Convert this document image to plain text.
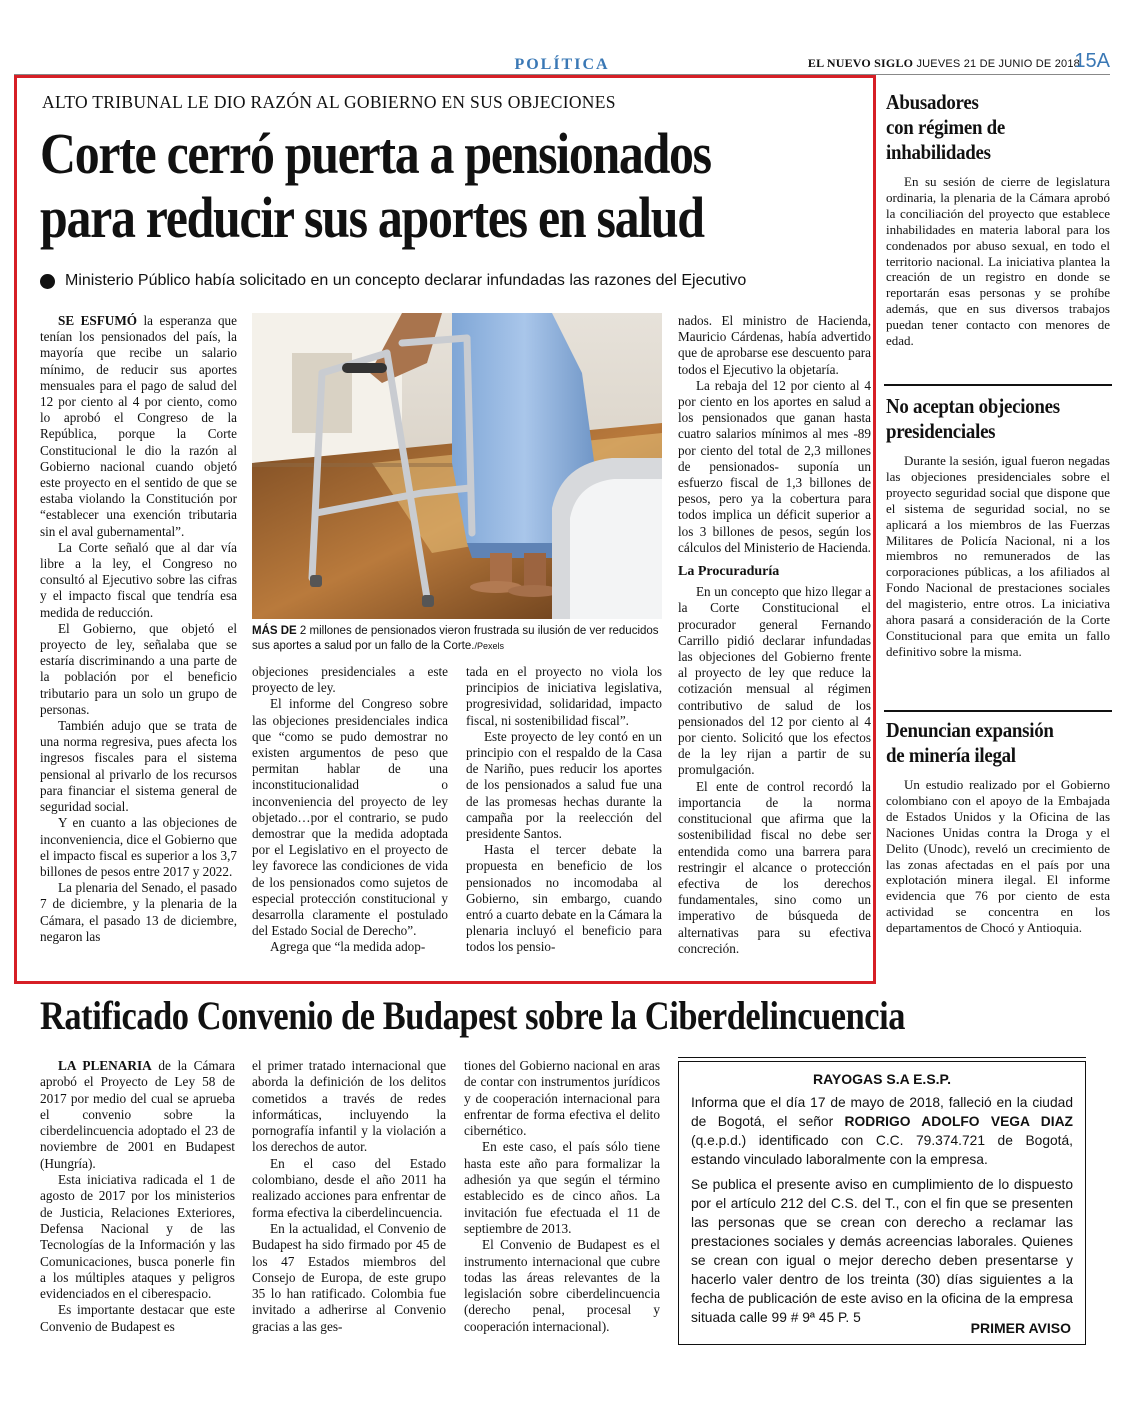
POLÍTICA	EL NUEVO SIGLO JUEVES 21 DE JUNIO DE 2018
15A
ALTO TRIBUNAL LE DIO RAZÓN AL GOBIERNO EN SUS OBJECIONES
Corte cerró puerta a pensionados
para reducir sus aportes en salud
Ministerio Público había solicitado en un concepto declarar infundadas las razones del Ejecutivo

SE ESFUMÓ la esperanza que tenían los pensionados del país, la mayoría que recibe un salario mínimo, de reducir sus aportes mensuales para el pago de salud del 12 por ciento al 4 por ciento, como lo aprobó el Congreso de la República, porque la Corte Constitucional le dio la razón al Gobierno nacional cuando objetó este proyecto en el sentido de que se estaba violando la Constitución por “establecer una exención tributaria sin el aval gubernamental”.

La Corte señaló que al dar vía libre a la ley, el Congreso no consultó al Ejecutivo sobre las cifras y el impacto fiscal que tendría esa medida de reducción.

El Gobierno, que objetó el proyecto de ley, señalaba que se estaría discriminando a una parte de la población por el beneficio tributario para un solo un grupo de personas.

También adujo que se trata de una norma regresiva, pues afecta los ingresos fiscales para el sistema pensional al privarlo de los recursos para financiar el sistema general de seguridad social.

Y en cuanto a las objeciones de inconveniencia, dice el Gobierno que el impacto fiscal es superior a los 3,7 billones de pesos entre 2017 y 2022.

La plenaria del Senado, el pasado 7 de diciembre, y la plenaria de la Cámara, el pasado 13 de diciembre, negaron las

MÁS DE 2 millones de pensionados vieron frustrada su ilusión de ver reducidos sus aportes a salud por un fallo de la Corte./Pexels

objeciones presidenciales a este proyecto de ley.

El informe del Congreso sobre las objeciones presidenciales indica que “como se pudo demostrar no existen argumentos de peso que permitan hablar de una inconstitucionalidad o inconveniencia del proyecto de ley objetado…por el contrario, se pudo demostrar que la medida adoptada por el Legislativo en el proyecto de ley favorece las condiciones de vida de los pensionados como sujetos de especial protección constitucional y desarrolla claramente el postulado del Estado Social de Derecho”.

Agrega que “la medida adop-

tada en el proyecto no viola los principios de iniciativa legislativa, progresividad, solidaridad, impacto fiscal, ni sostenibilidad fiscal”.

Este proyecto de ley contó en un principio con el respaldo de la Casa de Nariño, pues reducir los aportes de los pensionados a salud fue una de las promesas hechas durante la campaña por la reelección del presidente Santos.

Hasta el tercer debate la propuesta en beneficio de los pensionados no incomodaba al Gobierno, sin embargo, cuando entró a cuarto debate en la Cámara la plenaria incluyó el beneficio para todos los pensio-

nados. El ministro de Hacienda, Mauricio Cárdenas, había advertido que de aprobarse ese descuento para todos el Ejecutivo la objetaría.

La rebaja del 12 por ciento al 4 por ciento en los aportes en salud a los pensionados que ganan hasta cuatro salarios mínimos al mes -89 por ciento del total de 2,3 millones de pensionados- suponía un esfuerzo fiscal de 1,3 billones de pesos, pero ya la cobertura para todos implica un déficit superior a los 3 billones de pesos, según los cálculos del Ministerio de Hacienda.

La Procuraduría

En un concepto que hizo llegar a la Corte Constitucional el procurador general Fernando Carrillo pidió declarar infundadas las objeciones del Gobierno frente al proyecto de ley que reduce la cotización mensual al régimen contributivo de salud de los pensionados del 12 por ciento al 4 por ciento. Solicitó que los efectos de la ley rijan a partir de su promulgación.

El ente de control recordó la importancia de la norma constitucional que afirma que la sostenibilidad fiscal no debe ser entendida como una barrera para restringir el alcance o protección efectiva de los derechos fundamentales, sino como un imperativo de búsqueda de alternativas para su efectiva concreción.

Abusadores
con régimen de
inhabilidades

En su sesión de cierre de legislatura ordinaria, la plenaria de la Cámara aprobó la conciliación del proyecto que establece inhabilidades en materia laboral para los condenados por abuso sexual, en todo el territorio nacional. La iniciativa plantea la creación de un registro en donde se reportarán esas personas y se prohíbe además, que en sus diversos trabajos puedan tener contacto con menores de edad.

No aceptan objeciones
presidenciales

Durante la sesión, igual fueron negadas las objeciones presidenciales sobre el proyecto seguridad social que dispone que el sistema de seguridad social, no se aplicará a los miembros de las Fuerzas Militares de Policía Nacional, ni a los miembros no remunerados de las corporaciones públicas, a los afiliados al Fondo Nacional de prestaciones sociales del magisterio, entre otros. La iniciativa ahora pasará a consideración de la Corte Constitucional para que emita un fallo definitivo sobre la misma.

Denuncian expansión
de minería ilegal

Un estudio realizado por el Gobierno colombiano con el apoyo de la Embajada de Estados Unidos y la Oficina de las Naciones Unidas contra la Droga y el Delito (Unodc), reveló un crecimiento de las zonas afectadas en el país por una explotación minera ilegal. El informe evidencia que 76 por ciento de esta actividad se concentra en los departamentos de Chocó y Antioquia.

Ratificado Convenio de Budapest sobre la Ciberdelincuencia

LA PLENARIA de la Cámara aprobó el Proyecto de Ley 58 de 2017 por medio del cual se aprueba el convenio sobre la ciberdelincuencia adoptado el 23 de noviembre de 2001 en Budapest (Hungría).

Esta iniciativa radicada el 1 de agosto de 2017 por los ministerios de Justicia, Relaciones Exteriores, Defensa Nacional y de las Tecnologías de la Información y las Comunicaciones, busca ponerle fin a los múltiples ataques y peligros evidenciados en el ciberespacio.

Es importante destacar que este Convenio de Budapest es

el primer tratado internacional que aborda la definición de los delitos cometidos a través de redes informáticas, incluyendo la pornografía infantil y la violación a los derechos de autor.

En el caso del Estado colombiano, desde el año 2011 ha realizado acciones para enfrentar de forma efectiva la ciberdelincuencia.

En la actualidad, el Convenio de Budapest ha sido firmado por 45 de los 47 Estados miembros del Consejo de Europa, de este grupo 35 lo han ratificado. Colombia fue invitado a adherirse al Convenio gracias a las ges-

tiones del Gobierno nacional en aras de contar con instrumentos jurídicos y de cooperación internacional para enfrentar de forma efectiva el delito cibernético.

En este caso, el país sólo tiene hasta este año para formalizar la adhesión ya que según el término establecido es de cinco años. La invitación fue efectuada el 11 de septiembre de 2013.

El Convenio de Budapest es el instrumento internacional que cubre todas las áreas relevantes de la legislación sobre ciberdelincuencia (derecho penal, procesal y cooperación internacional).

RAYOGAS S.A E.S.P.

Informa que el día 17 de mayo de 2018, falleció en la ciudad de Bogotá, el señor RODRIGO ADOLFO VEGA DIAZ (q.e.p.d.) identificado con C.C. 79.374.721 de Bogotá, estando vinculado laboralmente con la empresa.

Se publica el presente aviso en cumplimiento de lo dispuesto por el artículo 212 del C.S. del T., con el fin que se presenten las personas que se crean con derecho a reclamar las prestaciones sociales y demás acreencias laborales. Quienes se crean con igual o mejor derecho deben presentarse y hacerlo valer dentro de los treinta (30) días siguientes a la fecha de publicación de este aviso en la oficina de la empresa situada calle 99 # 9ª 45 P. 5

PRIMER AVISO
